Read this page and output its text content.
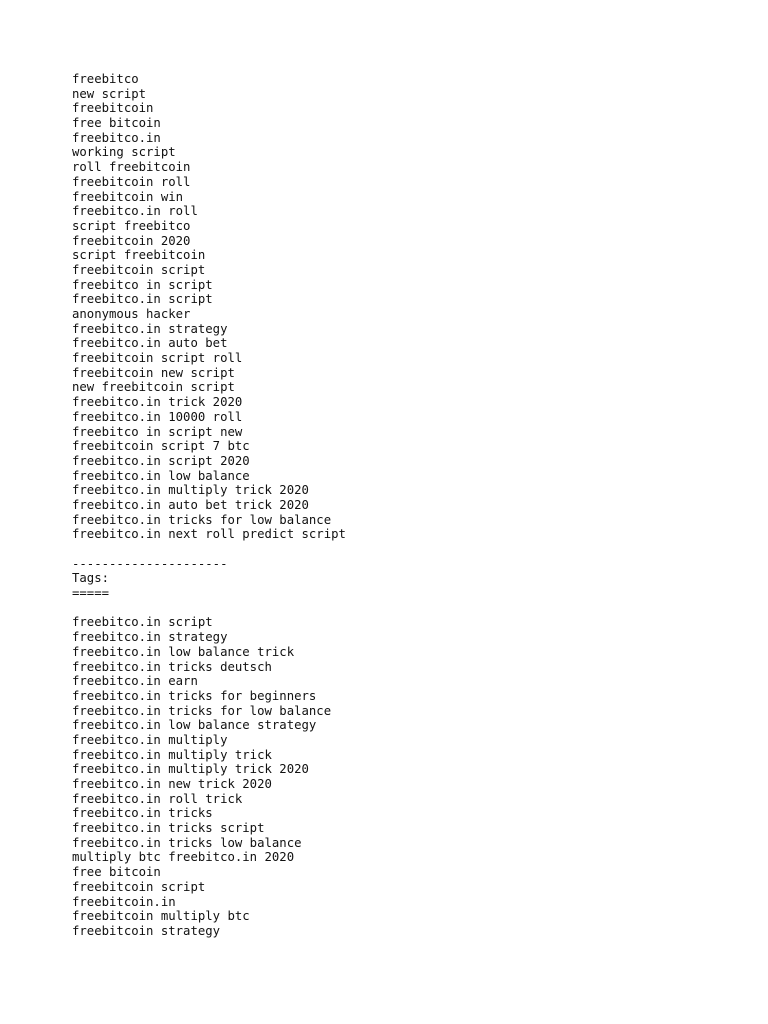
freebitco
new script
freebitcoin
free bitcoin
freebitco.in
working script
roll freebitcoin
freebitcoin roll
freebitcoin win
freebitco.in roll
script freebitco
freebitcoin 2020
script freebitcoin
freebitcoin script
freebitco in script
freebitco.in script
anonymous hacker
freebitco.in strategy
freebitco.in auto bet
freebitcoin script roll
freebitcoin new script
new freebitcoin script
freebitco.in trick 2020
freebitco.in 10000 roll
freebitco in script new
freebitcoin script 7 btc
freebitco.in script 2020
freebitco.in low balance
freebitco.in multiply trick 2020
freebitco.in auto bet trick 2020
freebitco.in tricks for low balance
freebitco.in next roll predict script
---------------------
Tags:
=====
freebitco.in script
freebitco.in strategy
freebitco.in low balance trick
freebitco.in tricks deutsch
freebitco.in earn
freebitco.in tricks for beginners
freebitco.in tricks for low balance
freebitco.in low balance strategy
freebitco.in multiply
freebitco.in multiply trick
freebitco.in multiply trick 2020
freebitco.in new trick 2020
freebitco.in roll trick
freebitco.in tricks
freebitco.in tricks script
freebitco.in tricks low balance
multiply btc freebitco.in 2020
free bitcoin
freebitcoin script
freebitcoin.in
freebitcoin multiply btc
freebitcoin strategy
